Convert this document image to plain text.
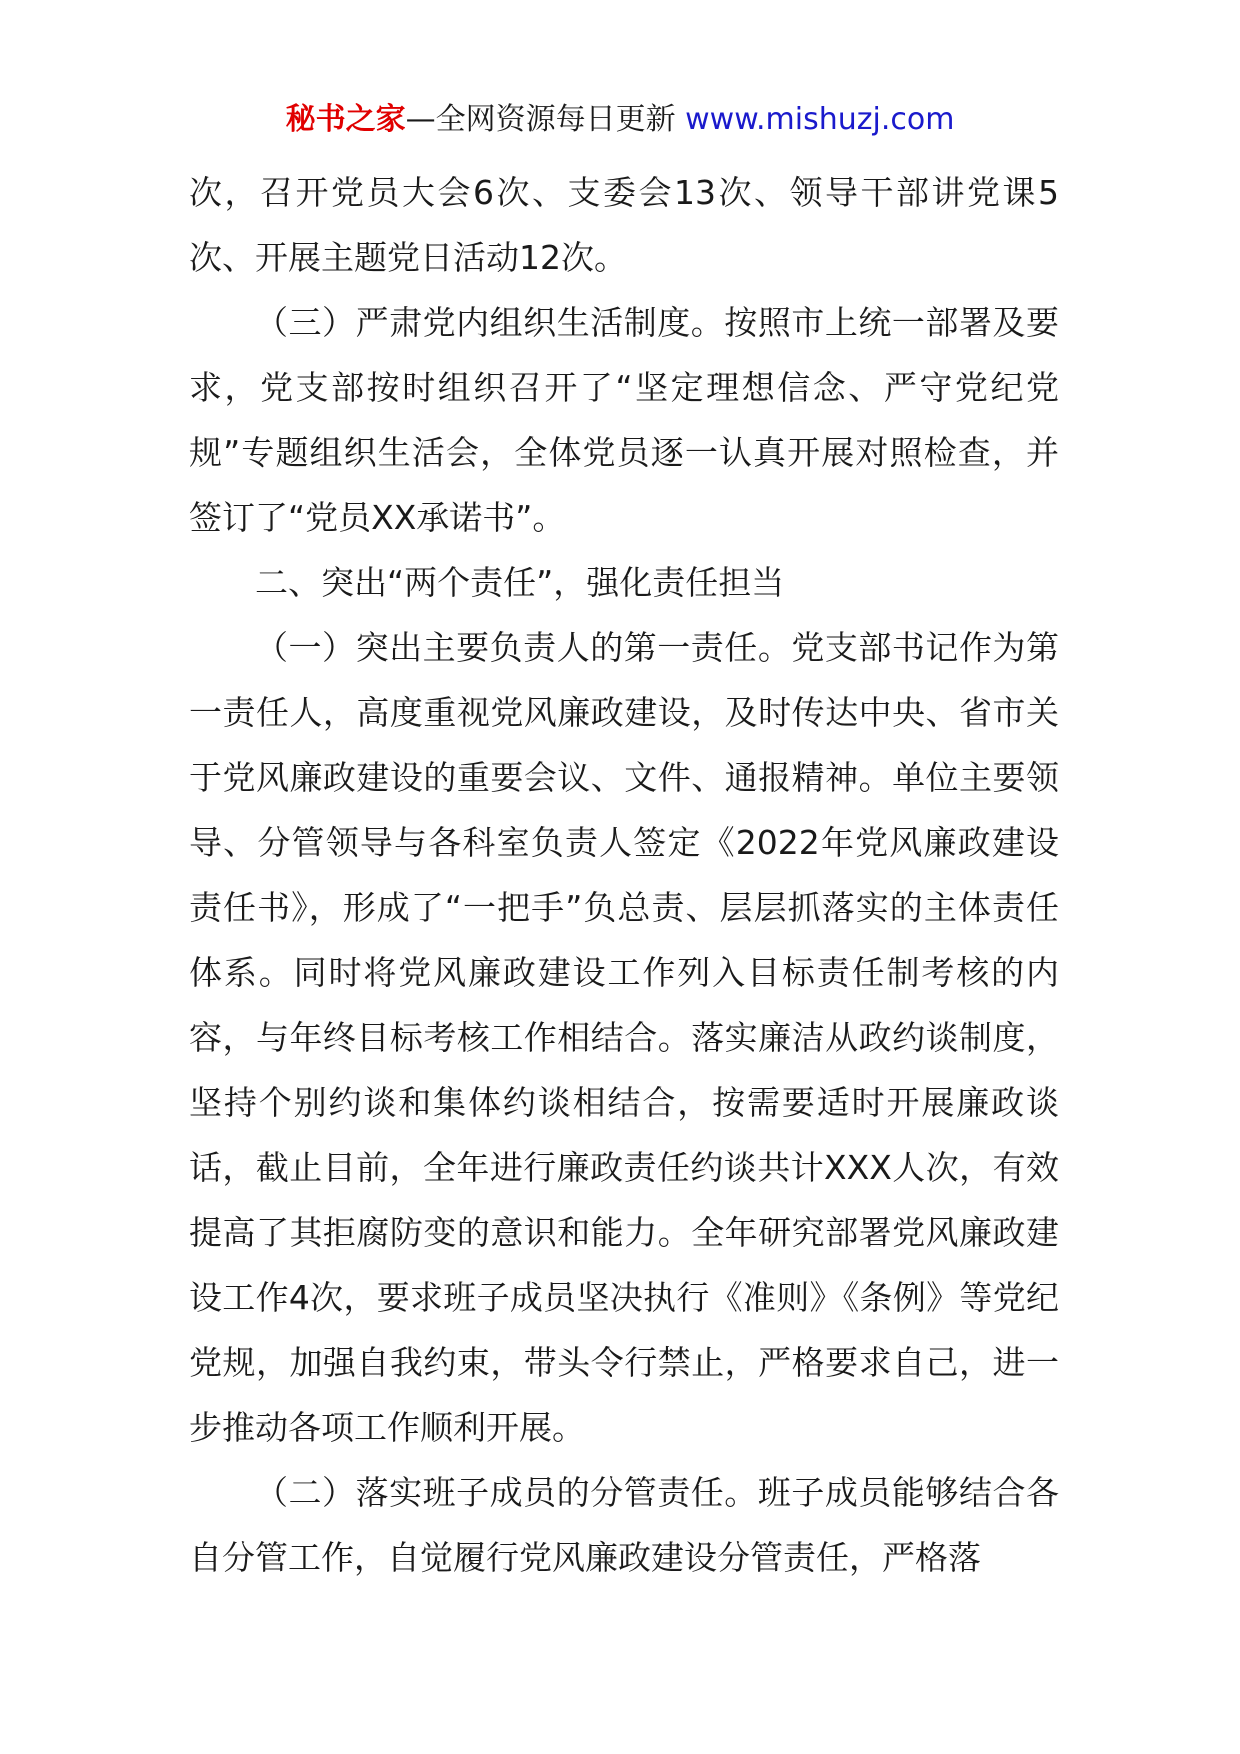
秘书之家—全网资源每日更新 www.mishuzj.com

次，召开党员大会6次、支委会13次、领导干部讲党课5次、开展主题党日活动12次。

（三）严肃党内组织生活制度。按照市上统一部署及要求，党支部按时组织召开了“坚定理想信念、严守党纪党规”专题组织生活会，全体党员逐一认真开展对照检查，并签订了“党员XX承诺书”。

二、突出“两个责任”，强化责任担当

（一）突出主要负责人的第一责任。党支部书记作为第一责任人，高度重视党风廉政建设，及时传达中央、省市关于党风廉政建设的重要会议、文件、通报精神。单位主要领导、分管领导与各科室负责人签定《2022年党风廉政建设责任书》，形成了“一把手”负总责、层层抓落实的主体责任体系。同时将党风廉政建设工作列入目标责任制考核的内容，与年终目标考核工作相结合。落实廉洁从政约谈制度，坚持个别约谈和集体约谈相结合，按需要适时开展廉政谈话，截止目前，全年进行廉政责任约谈共计XXX人次，有效提高了其拒腐防变的意识和能力。全年研究部署党风廉政建设工作4次，要求班子成员坚决执行《准则》《条例》等党纪党规，加强自我约束，带头令行禁止，严格要求自己，进一步推动各项工作顺利开展。

（二）落实班子成员的分管责任。班子成员能够结合各自分管工作，自觉履行党风廉政建设分管责任，严格落
